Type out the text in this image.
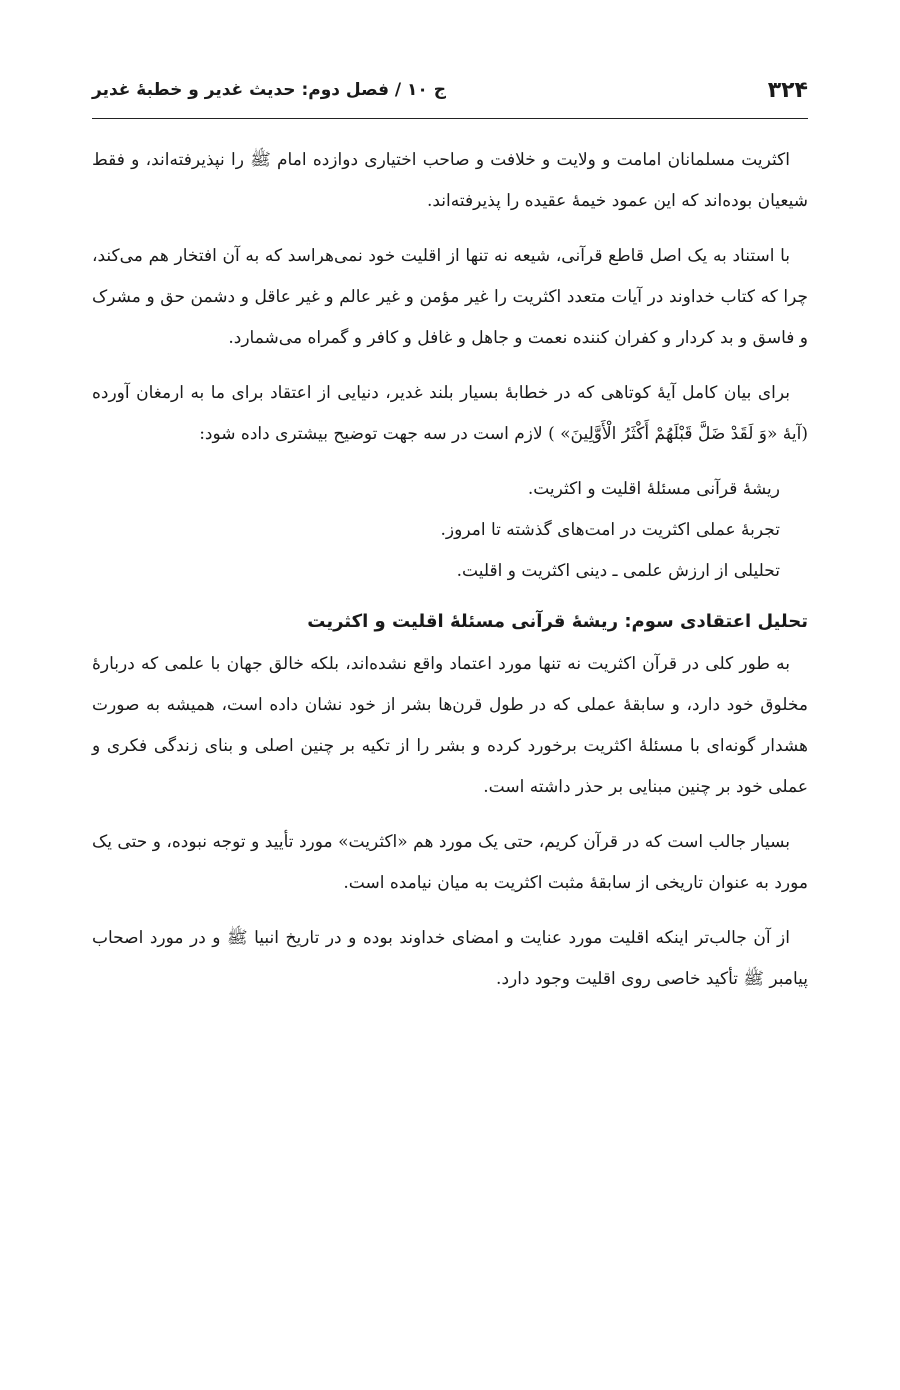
۳۲۴
ج ۱۰ / فصل دوم: حدیث غدیر و خطبهٔ غدیر

اکثریت مسلمانان امامت و ولایت و خلافت و صاحب اختیاری دوازده امام ﷺ را نپذیرفته‌اند، و فقط شیعیان بوده‌اند که این عمود خیمهٔ عقیده را پذیرفته‌اند.

با استناد به یک اصل قاطع قرآنی، شیعه نه تنها از اقلیت خود نمی‌هراسد که به آن افتخار هم می‌کند، چرا که کتاب خداوند در آیات متعدد اکثریت را غیر مؤمن و غیر عالم و غیر عاقل و دشمن حق و مشرک و فاسق و بد کردار و کفران کننده نعمت و جاهل و غافل و کافر و گمراه می‌شمارد.

برای بیان کامل آیهٔ کوتاهی که در خطابهٔ بسیار بلند غدیر، دنیایی از اعتقاد برای ما به ارمغان آورده (آیهٔ «وَ لَقَدْ ضَلَّ قَبْلَهُمْ أَکْثَرُ الْأَوَّلِینَ» ) لازم است در سه جهت توضیح بیشتری داده شود:

ریشهٔ قرآنی مسئلهٔ اقلیت و اکثریت.
تجربهٔ عملی اکثریت در امت‌های گذشته تا امروز.
تحلیلی از ارزش علمی ـ دینی اکثریت و اقلیت.
تحلیل اعتقادی سوم: ریشهٔ قرآنی مسئلهٔ اقلیت و اکثریت

به طور کلی در قرآن اکثریت نه تنها مورد اعتماد واقع نشده‌اند، بلکه خالق جهان با علمی که دربارهٔ مخلوق خود دارد، و سابقهٔ عملی که در طول قرن‌ها بشر از خود نشان داده است، همیشه به صورت هشدار گونه‌ای با مسئلهٔ اکثریت برخورد کرده و بشر را از تکیه بر چنین اصلی و بنای زندگی فکری و عملی خود بر چنین مبنایی بر حذر داشته است.

بسیار جالب است که در قرآن کریم، حتی یک مورد هم «اکثریت» مورد تأیید و توجه نبوده، و حتی یک مورد به عنوان تاریخی از سابقهٔ مثبت اکثریت به میان نیامده است.

از آن جالب‌تر اینکه اقلیت مورد عنایت و امضای خداوند بوده و در تاریخ انبیا ﷺ و در مورد اصحاب پیامبر ﷺ تأکید خاصی روی اقلیت وجود دارد.
